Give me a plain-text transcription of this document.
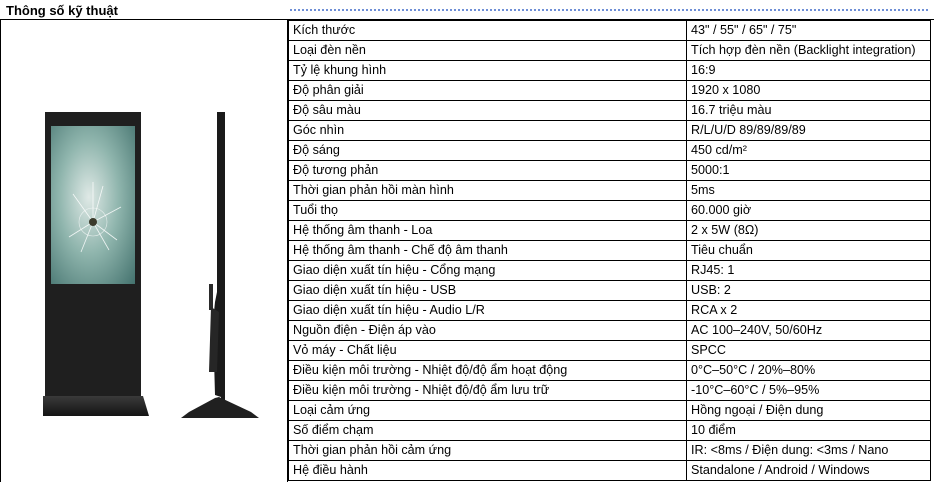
Thông số kỹ thuật
Kích thước	43" / 55" / 65" / 75"
Loại đèn nền	Tích hợp đèn nền (Backlight integration)
Tỷ lệ khung hình	16:9
Độ phân giải	1920 x 1080
Độ sâu màu	16.7 triệu màu
Góc nhìn	R/L/U/D 89/89/89/89
Độ sáng	450 cd/m²
Độ tương phản	5000:1
Thời gian phản hồi màn hình	5ms
Tuổi thọ	60.000 giờ
Hệ thống âm thanh - Loa	2 x 5W (8Ω)
Hệ thống âm thanh - Chế độ âm thanh	Tiêu chuẩn
Giao diện xuất tín hiệu - Cổng mạng	RJ45: 1
Giao diện xuất tín hiệu - USB	USB: 2
Giao diện xuất tín hiệu - Audio L/R	RCA x 2
Nguồn điện - Điện áp vào	AC 100–240V, 50/60Hz
Vỏ máy - Chất liệu	SPCC
Điều kiện môi trường - Nhiệt độ/độ ẩm hoạt động	0°C–50°C / 20%–80%
Điều kiện môi trường - Nhiệt độ/độ ẩm lưu trữ	-10°C–60°C / 5%–95%
Loại cảm ứng	Hồng ngoại / Điện dung
Số điểm chạm	10 điểm
Thời gian phản hồi cảm ứng	IR: <8ms / Điện dung: <3ms / Nano
Hệ điều hành	Standalone / Android / Windows
